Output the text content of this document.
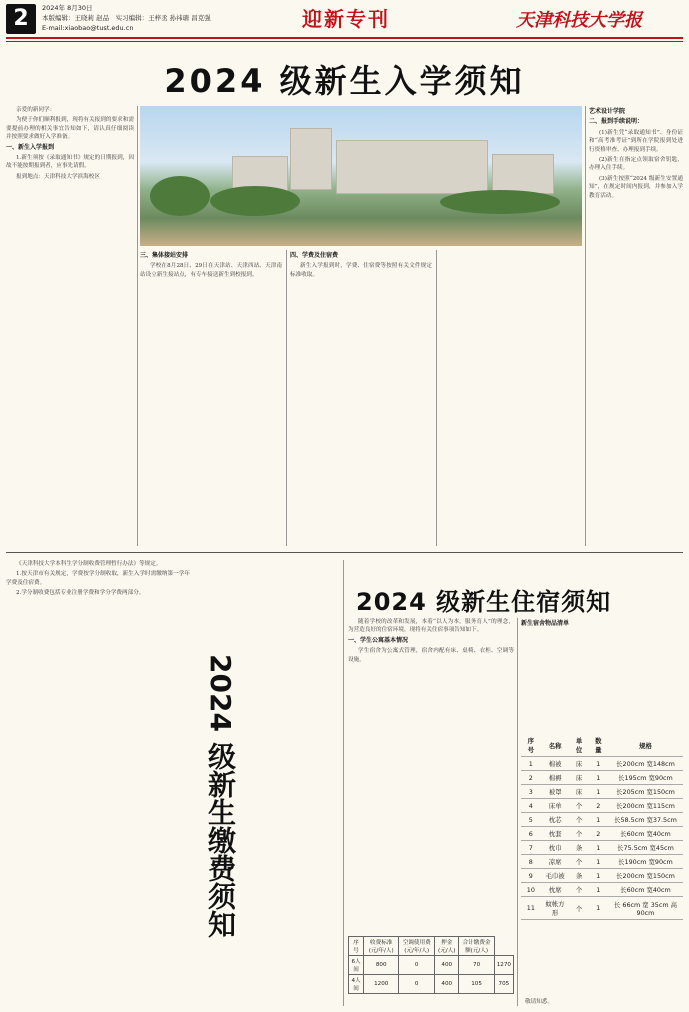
2	2024年 8月30日
本版编辑：王晓莉 赵品　实习编辑：王梓丞 孙祎瑭 昌克强
E-mail:xiaobao@tust.edu.cn	迎新专刊	天津科技大学报
2024 级新生入学须知

亲爱的新同学：

为便于你们顺利报到，现将有关报到的要求和需要提前办理的相关事宜告知如下，请认真仔细阅读并按照要求做好入学准备。

一、新生入学报到

1.新生须按《录取通知书》规定的日期报到，因故不能按期报到者，应事先请假。

报到地点：天津科技大学滨海校区

艺术设计学院
二、报到手续说明：

(1)新生凭“录取通知书”、身份证和“高考准考证”到所在学院报到处进行资格审查、办理报到手续。

(2)新生在指定点领取宿舍钥匙，办理入住手续。

(3)新生按照“2024 级新生安置通知”，在规定时间内报到，并参加入学教育活动。

三、集体接站安排

学校在8月28日、29日在天津站、天津西站、天津南站设立新生接站点，有专车接送新生到校报到。

四、学费及住宿费

新生入学报到时，学费、住宿费等按照有关文件规定标准收取。

《天津科技大学本科生学分制收费管理暂行办法》等规定。

1.按天津市有关规定，学费按学分制收取，新生入学时需缴纳第一学年学费及住宿费。

2.学分制收费包括专业注册学费和学分学费两部分。

2024 级新生缴费须知
2024 级新生住宿须知

随着学校的改革和发展，本着“以人为本，服务育人”的理念，为营造良好的住宿环境，现将有关住宿事项告知如下。

一、学生公寓基本情况

学生宿舍为公寓式管理，宿舍内配有床、桌椅、衣柜、空调等设施。

序号	收费标准(元/年/人)	空调使用费(元/年/人)	押金(元/人)	合计缴费金额(元/人)	
6人间	800	0	400	70	1270
4人间	1200	0	400	105	705
新生宿舍物品清单
序号	名称	单位	数量	规格
1	棉被	床	1	长200cm 宽148cm
2	棉褥	床	1	长195cm 宽90cm
3	被罩	床	1	长205cm 宽150cm
4	床单	个	2	长200cm 宽115cm
5	枕芯	个	1	长58.5cm 宽37.5cm
6	枕套	个	2	长60cm 宽40cm
7	枕巾	条	1	长75.5cm 宽45cm
8	凉席	个	1	长190cm 宽90cm
9	毛巾被	条	1	长200cm 宽150cm
10	枕席	个	1	长60cm 宽40cm
11	蚊帐方形	个	1	长 66cm 宽 35cm 高90cm
敬请知悉。
